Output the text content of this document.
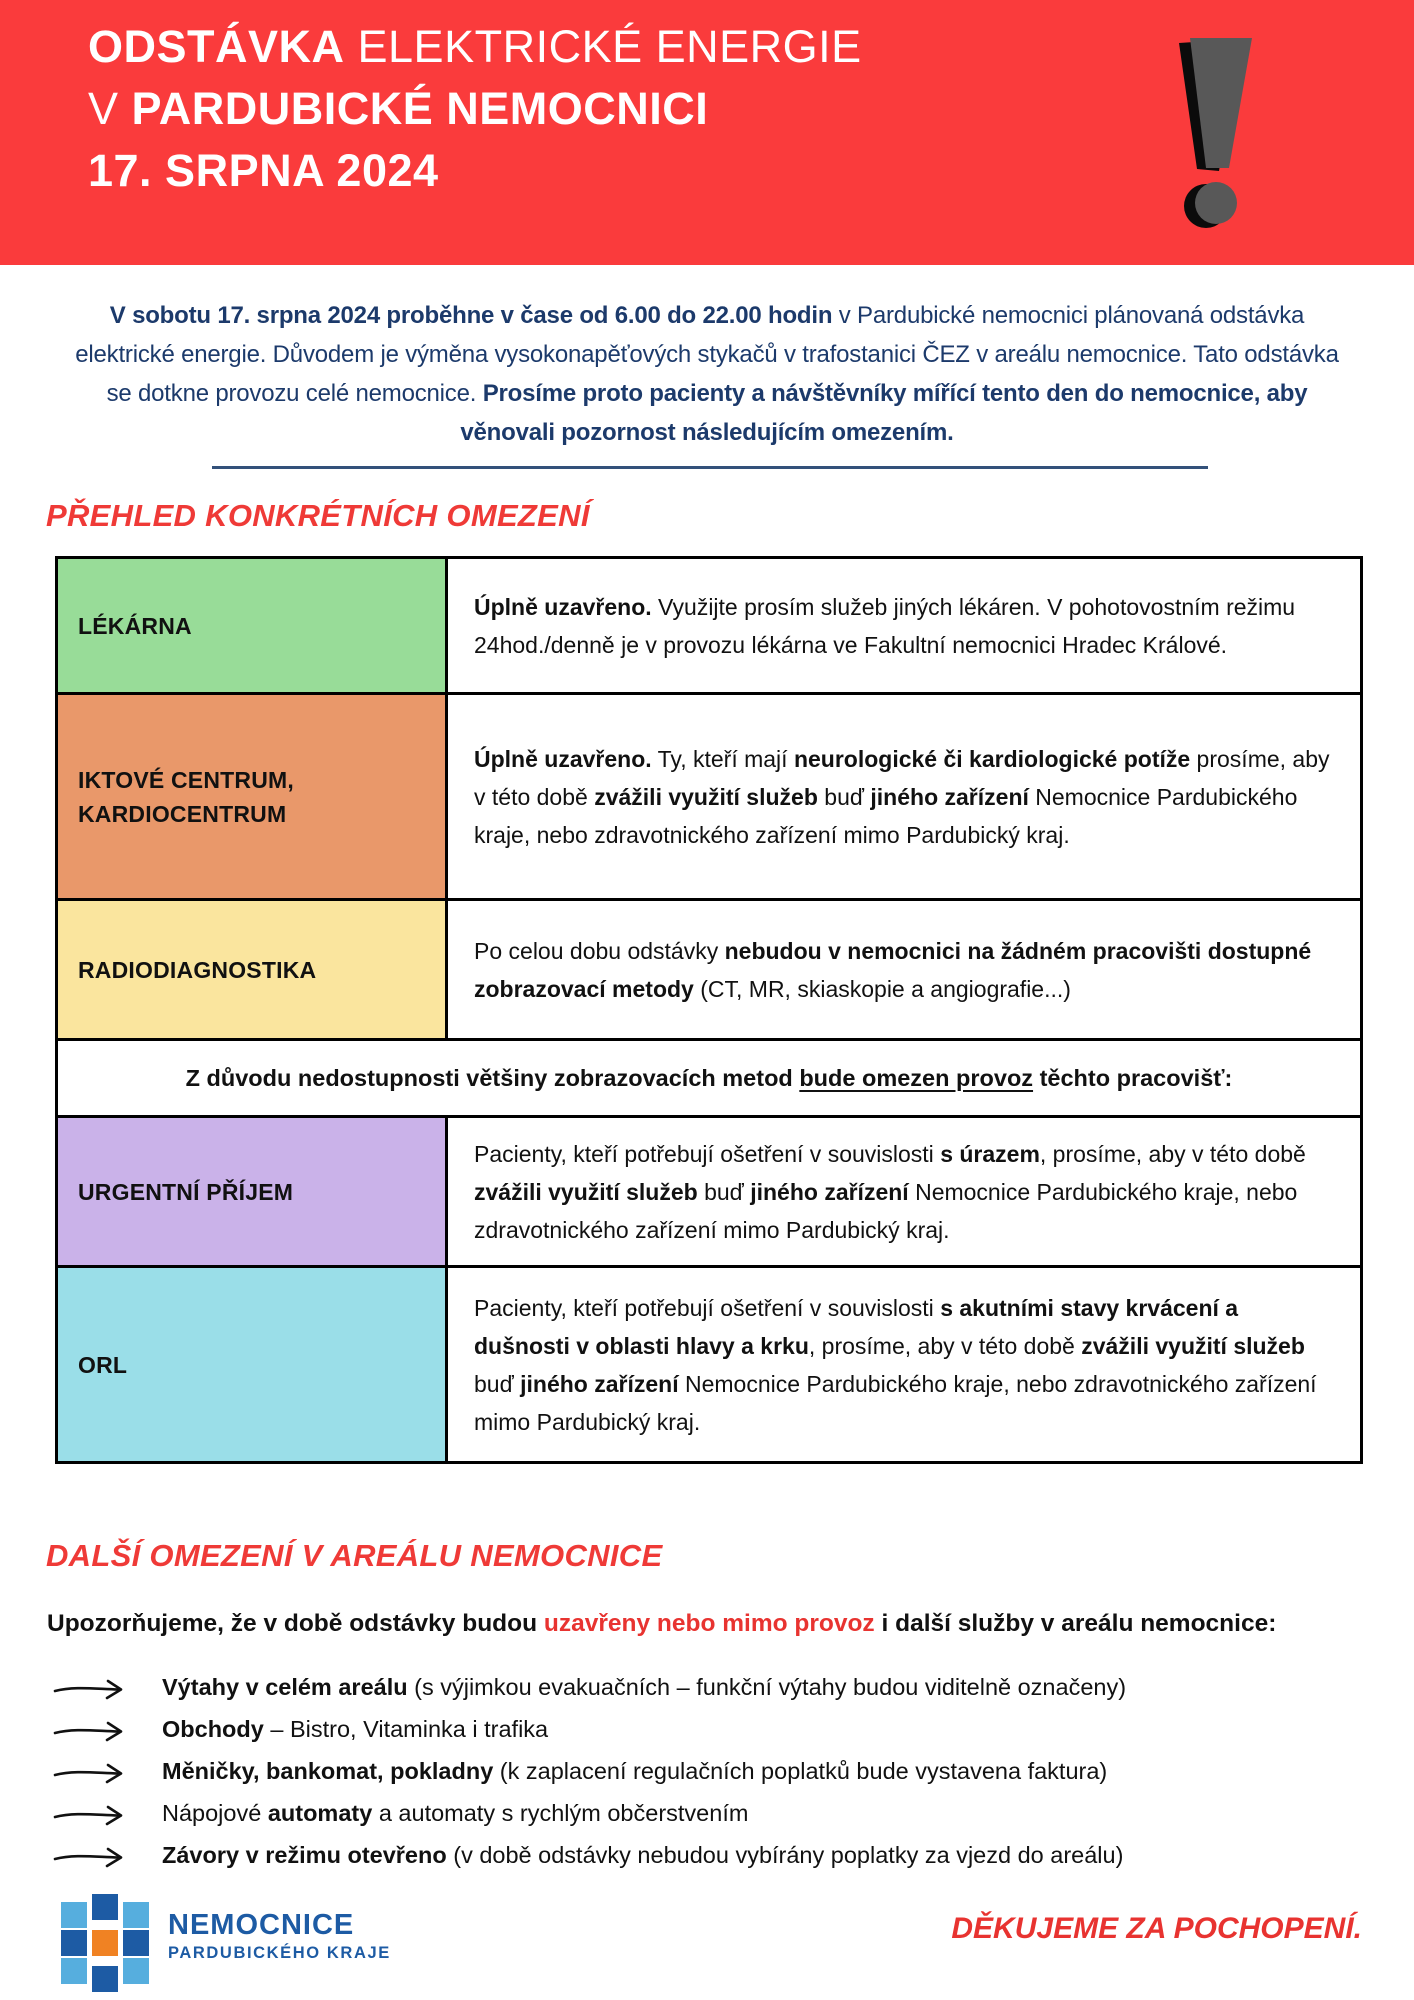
ODSTÁVKA ELEKTRICKÉ ENERGIE
V PARDUBICKÉ NEMOCNICI
17. SRPNA 2024

V sobotu 17. srpna 2024 proběhne v čase od 6.00 do 22.00 hodin v Pardubické nemocnici plánovaná odstávka elektrické energie. Důvodem je výměna vysokonapěťových stykačů v trafostanici ČEZ v areálu nemocnice. Tato odstávka se dotkne provozu celé nemocnice. Prosíme proto pacienty a návštěvníky mířící tento den do nemocnice, aby věnovali pozornost následujícím omezením.

PŘEHLED KONKRÉTNÍCH OMEZENÍ
LÉKÁRNA
Úplně uzavřeno. Využijte prosím služeb jiných lékáren. V pohotovostním režimu 24hod./denně je v provozu lékárna ve Fakultní nemocnici Hradec Králové.
IKTOVÉ CENTRUM, KARDIOCENTRUM
Úplně uzavřeno. Ty, kteří mají neurologické či kardiologické potíže prosíme, aby v této době zvážili využití služeb buď jiného zařízení Nemocnice Pardubického kraje, nebo zdravotnického zařízení mimo Pardubický kraj.
RADIODIAGNOSTIKA
Po celou dobu odstávky nebudou v nemocnici na žádném pracovišti dostupné zobrazovací metody (CT, MR, skiaskopie a angiografie...)
Z důvodu nedostupnosti většiny zobrazovacích metod bude omezen provoz těchto pracovišť:
URGENTNÍ PŘÍJEM
Pacienty, kteří potřebují ošetření v souvislosti s úrazem, prosíme, aby v této době zvážili využití služeb buď jiného zařízení Nemocnice Pardubického kraje, nebo zdravotnického zařízení mimo Pardubický kraj.
ORL
Pacienty, kteří potřebují ošetření v souvislosti s akutními stavy krvácení a dušnosti v oblasti hlavy a krku, prosíme, aby v této době zvážili využití služeb buď jiného zařízení Nemocnice Pardubického kraje, nebo zdravotnického zařízení mimo Pardubický kraj.
DALŠÍ OMEZENÍ V AREÁLU NEMOCNICE

Upozorňujeme, že v době odstávky budou uzavřeny nebo mimo provoz i další služby v areálu nemocnice:

Výtahy v celém areálu (s výjimkou evakuačních – funkční výtahy budou viditelně označeny)
Obchody – Bistro, Vitaminka i trafika
Měničky, bankomat, pokladny (k zaplacení regulačních poplatků bude vystavena faktura)
Nápojové automaty a automaty s rychlým občerstvením
Závory v režimu otevřeno (v době odstávky nebudou vybírány poplatky za vjezd do areálu)
NEMOCNICE
PARDUBICKÉHO KRAJE
DĚKUJEME ZA POCHOPENÍ.
